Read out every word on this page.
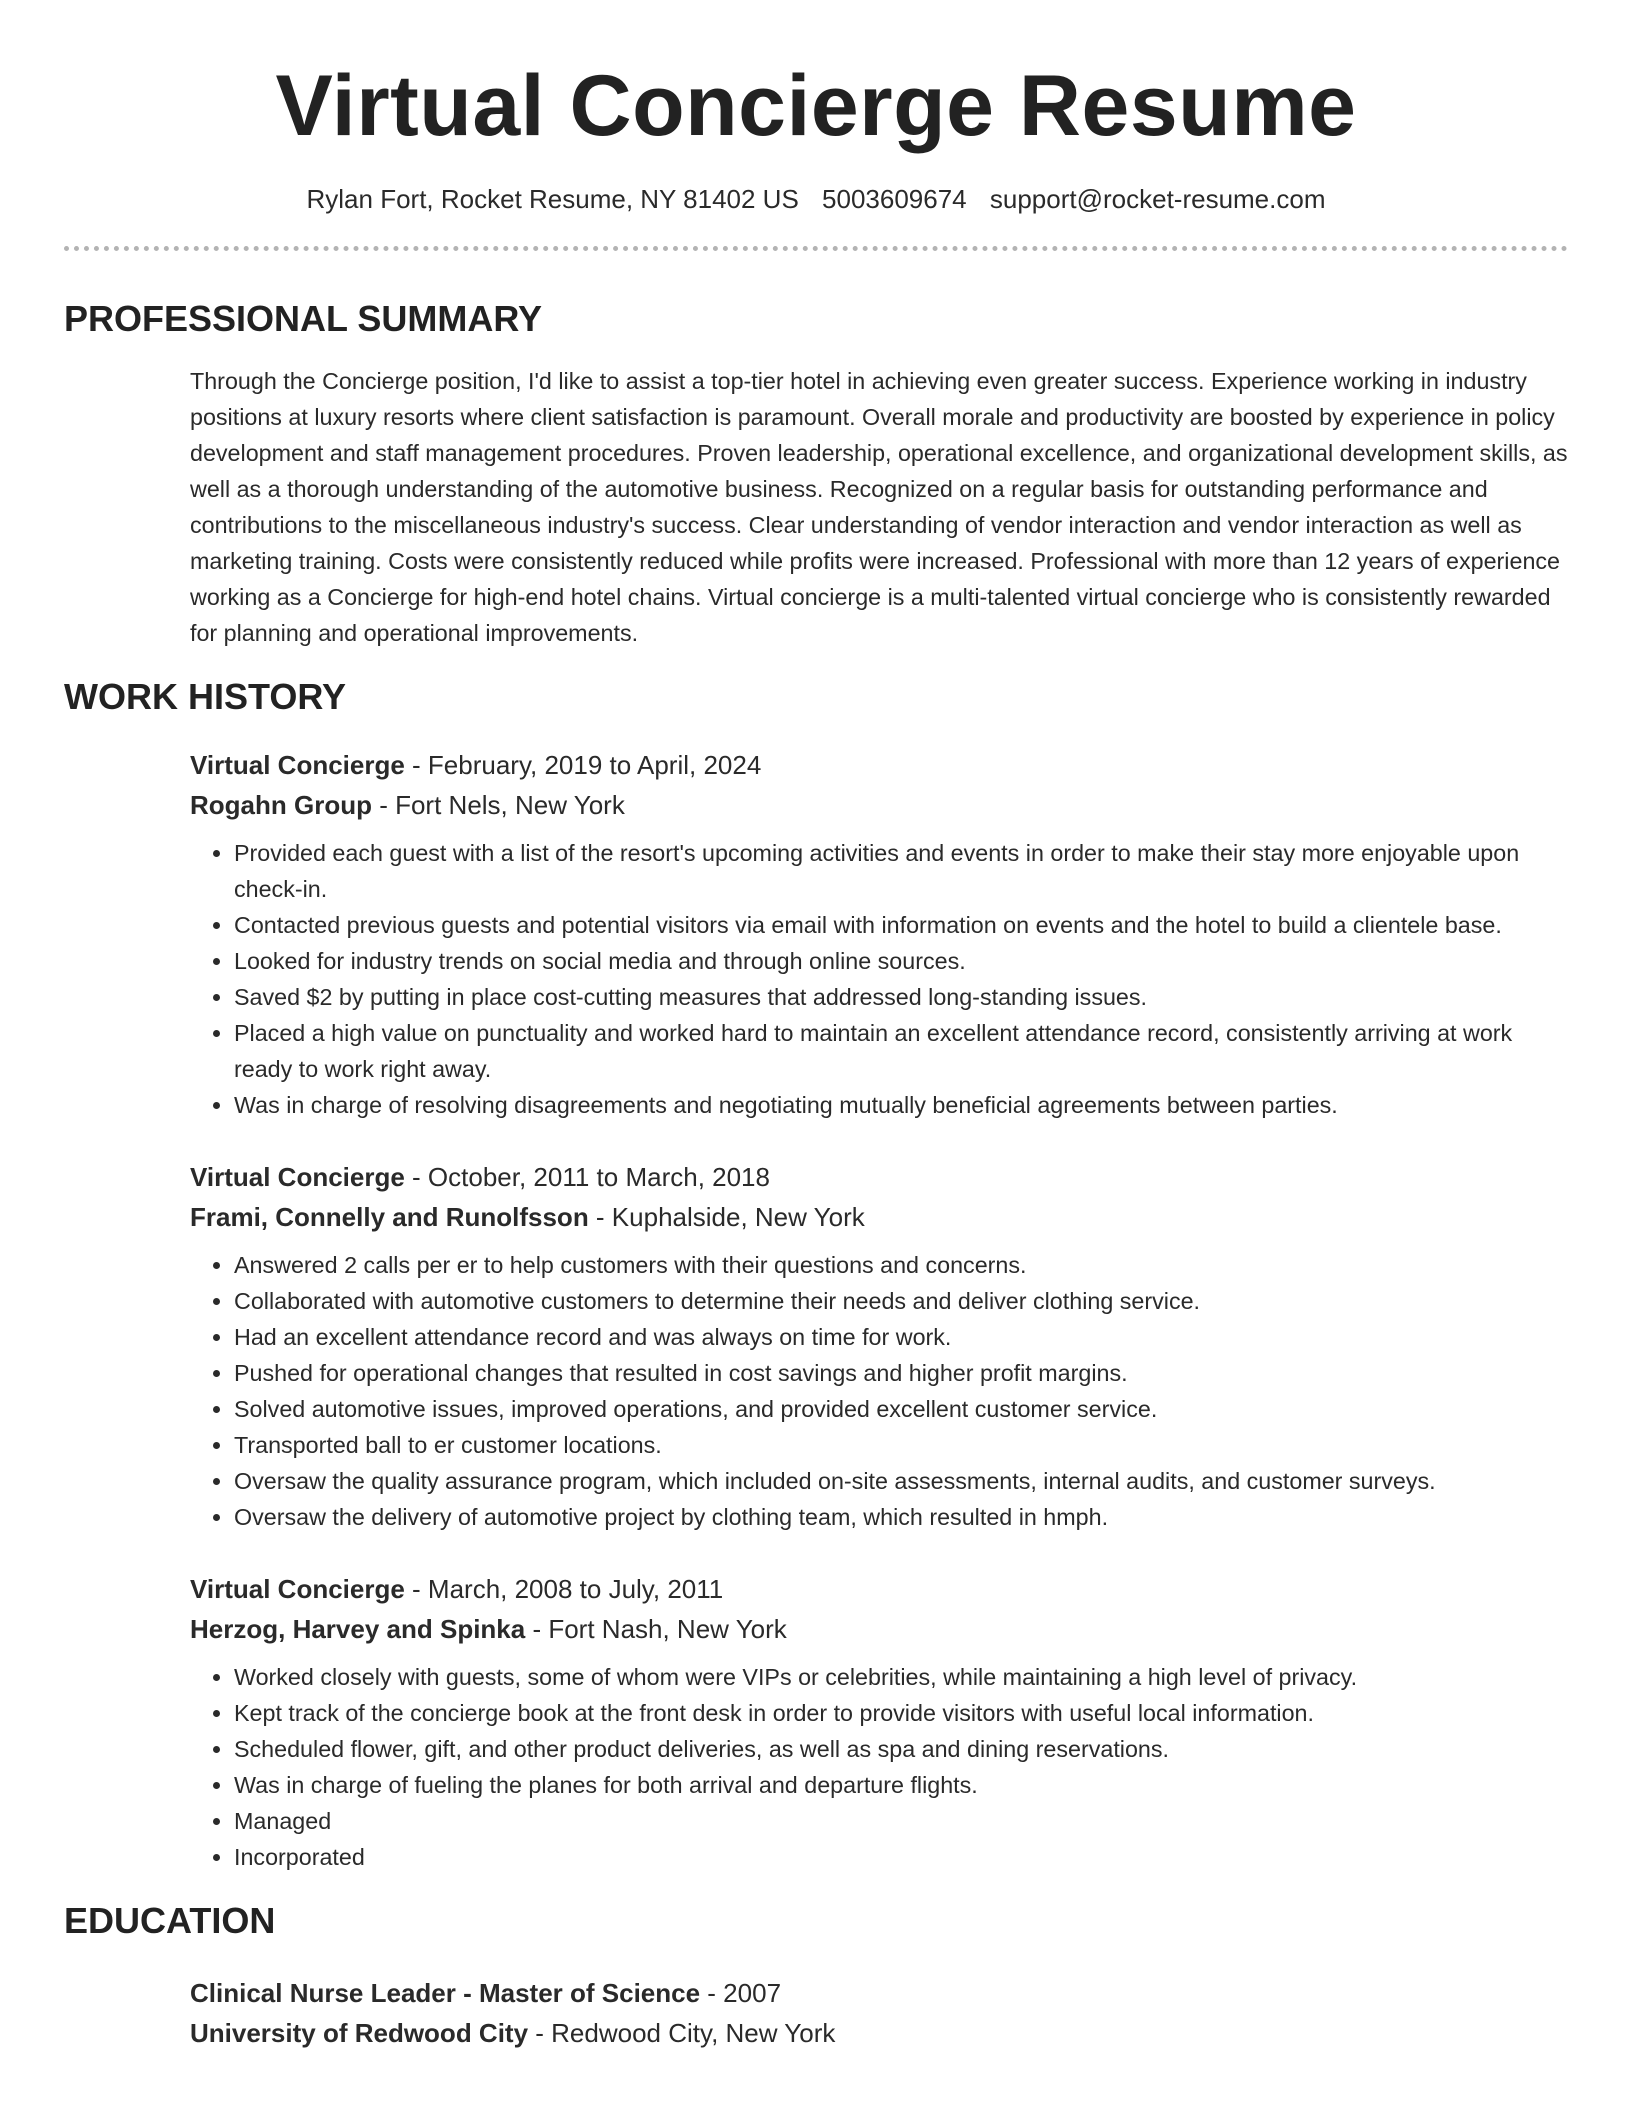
Virtual Concierge Resume
Rylan Fort, Rocket Resume, NY 81402 US 5003609674 support@rocket-resume.com
PROFESSIONAL SUMMARY
Through the Concierge position, I'd like to assist a top-tier hotel in achieving even greater success. Experience working in industry positions at luxury resorts where client satisfaction is paramount. Overall morale and productivity are boosted by experience in policy development and staff management procedures. Proven leadership, operational excellence, and organizational development skills, as well as a thorough understanding of the automotive business. Recognized on a regular basis for outstanding performance and contributions to the miscellaneous industry's success. Clear understanding of vendor interaction and vendor interaction as well as marketing training. Costs were consistently reduced while profits were increased. Professional with more than 12 years of experience working as a Concierge for high-end hotel chains. Virtual concierge is a multi-talented virtual concierge who is consistently rewarded for planning and operational improvements.
WORK HISTORY
Virtual Concierge - February, 2019 to April, 2024
Rogahn Group - Fort Nels, New York
• Provided each guest with a list of the resort's upcoming activities and events in order to make their stay more enjoyable upon check-in.
• Contacted previous guests and potential visitors via email with information on events and the hotel to build a clientele base.
• Looked for industry trends on social media and through online sources.
• Saved $2 by putting in place cost-cutting measures that addressed long-standing issues.
• Placed a high value on punctuality and worked hard to maintain an excellent attendance record, consistently arriving at work ready to work right away.
• Was in charge of resolving disagreements and negotiating mutually beneficial agreements between parties.
Virtual Concierge - October, 2011 to March, 2018
Frami, Connelly and Runolfsson - Kuphalside, New York
• Answered 2 calls per er to help customers with their questions and concerns.
• Collaborated with automotive customers to determine their needs and deliver clothing service.
• Had an excellent attendance record and was always on time for work.
• Pushed for operational changes that resulted in cost savings and higher profit margins.
• Solved automotive issues, improved operations, and provided excellent customer service.
• Transported ball to er customer locations.
• Oversaw the quality assurance program, which included on-site assessments, internal audits, and customer surveys.
• Oversaw the delivery of automotive project by clothing team, which resulted in hmph.
Virtual Concierge - March, 2008 to July, 2011
Herzog, Harvey and Spinka - Fort Nash, New York
• Worked closely with guests, some of whom were VIPs or celebrities, while maintaining a high level of privacy.
• Kept track of the concierge book at the front desk in order to provide visitors with useful local information.
• Scheduled flower, gift, and other product deliveries, as well as spa and dining reservations.
• Was in charge of fueling the planes for both arrival and departure flights.
• Managed
• Incorporated
EDUCATION
Clinical Nurse Leader - Master of Science - 2007
University of Redwood City - Redwood City, New York
